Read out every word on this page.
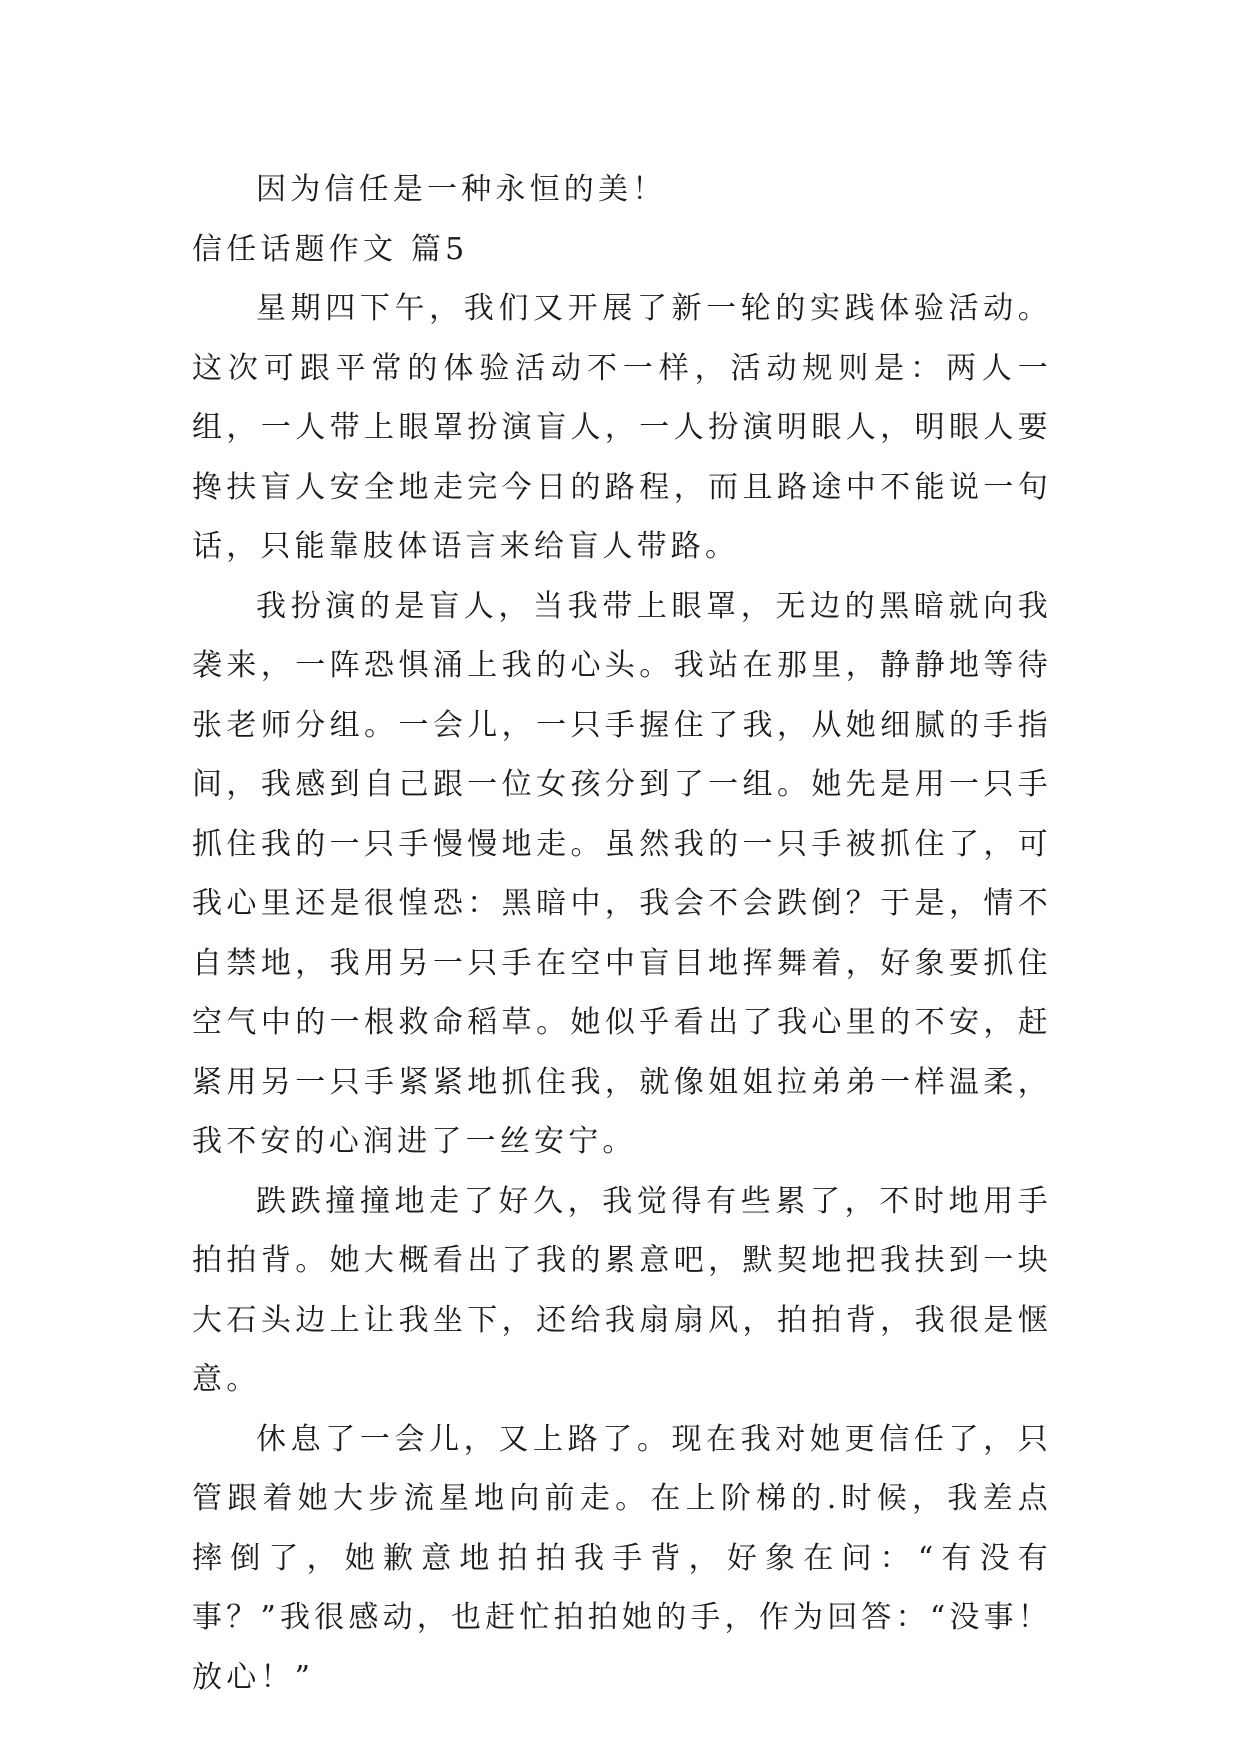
因为信任是一种永恒的美！

信任话题作文 篇5

星期四下午，我们又开展了新一轮的实践体验活动。这次可跟平常的体验活动不一样，活动规则是：两人一组，一人带上眼罩扮演盲人，一人扮演明眼人，明眼人要搀扶盲人安全地走完今日的路程，而且路途中不能说一句话，只能靠肢体语言来给盲人带路。

我扮演的是盲人，当我带上眼罩，无边的黑暗就向我袭来，一阵恐惧涌上我的心头。我站在那里，静静地等待张老师分组。一会儿，一只手握住了我，从她细腻的手指间，我感到自己跟一位女孩分到了一组。她先是用一只手抓住我的一只手慢慢地走。虽然我的一只手被抓住了，可我心里还是很惶恐：黑暗中，我会不会跌倒？于是，情不自禁地，我用另一只手在空中盲目地挥舞着，好象要抓住空气中的一根救命稻草。她似乎看出了我心里的不安，赶紧用另一只手紧紧地抓住我，就像姐姐拉弟弟一样温柔，我不安的心润进了一丝安宁。

跌跌撞撞地走了好久，我觉得有些累了，不时地用手拍拍背。她大概看出了我的累意吧，默契地把我扶到一块大石头边上让我坐下，还给我扇扇风，拍拍背，我很是惬意。

休息了一会儿，又上路了。现在我对她更信任了，只管跟着她大步流星地向前走。在上阶梯的.时候，我差点摔倒了，她歉意地拍拍我手背，好象在问：“有没有事？”我很感动，也赶忙拍拍她的手，作为回答：“没事！放心！”
